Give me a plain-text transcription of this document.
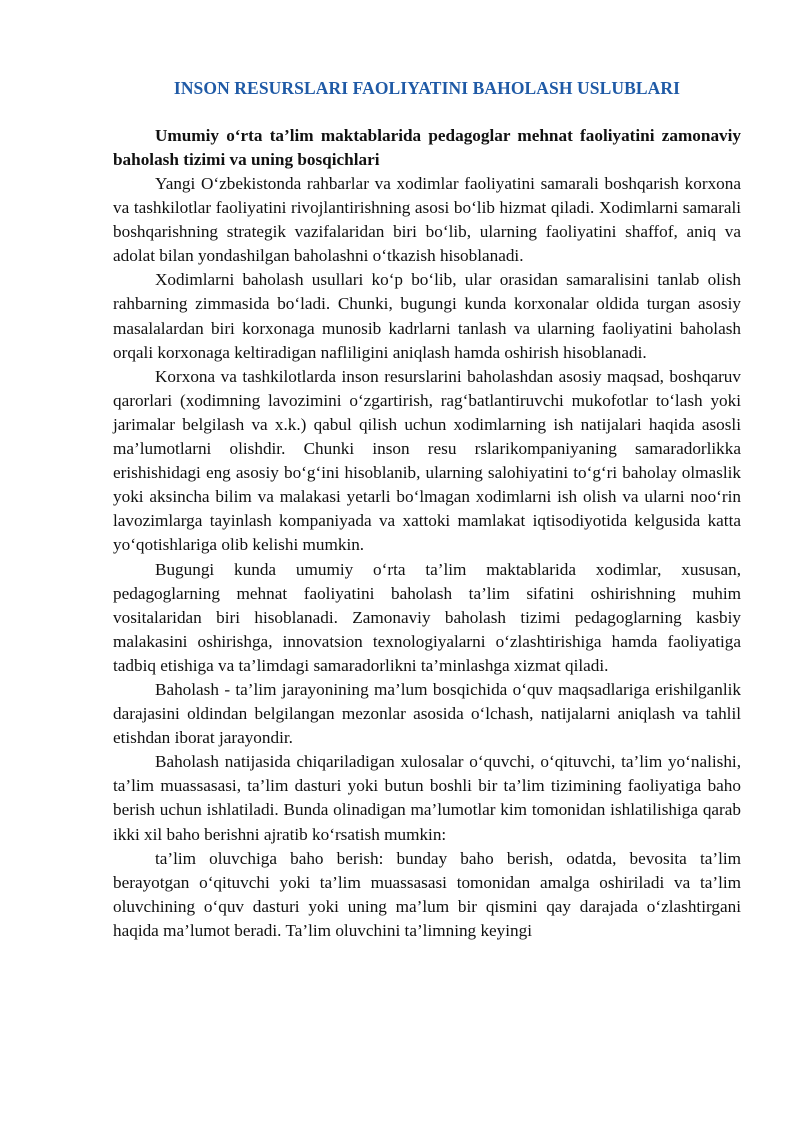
INSON RESURSLARI FAOLIYATINI BAHOLASH USLUBLARI

Umumiy o‘rta ta’lim maktablarida pedagoglar mehnat faoliyatini zamonaviy baholash tizimi va uning bosqichlari

Yangi O‘zbekistonda rahbarlar va xodimlar faoliyatini samarali boshqarish korxona va tashkilotlar faoliyatini rivojlantirishning asosi bo‘lib hizmat qiladi. Xodimlarni samarali boshqarishning strategik vazifalaridan biri bo‘lib, ularning faoliyatini shaffof, aniq va adolat bilan yondashilgan baholashni o‘tkazish hisoblanadi.

Xodimlarni baholash usullari ko‘p bo‘lib, ular orasidan samaralisini tanlab olish rahbarning zimmasida bo‘ladi. Chunki, bugungi kunda korxonalar oldida turgan asosiy masalalardan biri korxonaga munosib kadrlarni tanlash va ularning faoliyatini baholash orqali korxonaga keltiradigan nafliligini aniqlash hamda oshirish hisoblanadi.

Korxona va tashkilotlarda inson resurslarini baholashdan asosiy maqsad, boshqaruv qarorlari (xodimning lavozimini o‘zgartirish, rag‘batlantiruvchi mukofotlar to‘lash yoki jarimalar belgilash va x.k.) qabul qilish uchun xodimlarning ish natijalari haqida asosli ma’lumotlarni olishdir. Chunki inson resu rslarikompaniyaning samaradorlikka erishishidagi eng asosiy bo‘g‘ini hisoblanib, ularning salohiyatini to‘g‘ri baholay olmaslik yoki aksincha bilim va malakasi yetarli bo‘lmagan xodimlarni ish olish va ularni noo‘rin lavozimlarga tayinlash kompaniyada va xattoki mamlakat iqtisodiyotida kelgusida katta yo‘qotishlariga olib kelishi mumkin.

Bugungi kunda umumiy o‘rta ta’lim maktablarida xodimlar, xususan, pedagoglarning mehnat faoliyatini baholash ta’lim sifatini oshirishning muhim vositalaridan biri hisoblanadi. Zamonaviy baholash tizimi pedagoglarning kasbiy malakasini oshirishga, innovatsion texnologiyalarni o‘zlashtirishiga hamda faoliyatiga tadbiq etishiga va ta’limdagi samaradorlikni ta’minlashga xizmat qiladi.

Baholash - ta’lim jarayonining ma’lum bosqichida o‘quv maqsadlariga erishilganlik darajasini oldindan belgilangan mezonlar asosida o‘lchash, natijalarni aniqlash va tahlil etishdan iborat jarayondir.

Baholash natijasida chiqariladigan xulosalar o‘quvchi, o‘qituvchi, ta’lim yo‘nalishi, ta’lim muassasasi, ta’lim dasturi yoki butun boshli bir ta’lim tizimining faoliyatiga baho berish uchun ishlatiladi. Bunda olinadigan ma’lumotlar kim tomonidan ishlatilishiga qarab ikki xil baho berishni ajratib ko‘rsatish mumkin:

ta’lim oluvchiga baho berish: bunday baho berish, odatda, bevosita ta’lim berayotgan o‘qituvchi yoki ta’lim muassasasi tomonidan amalga oshiriladi va ta’lim oluvchining o‘quv dasturi yoki uning ma’lum bir qismini qay darajada o‘zlashtirgani haqida ma’lumot beradi. Ta’lim oluvchini ta’limning keyingi
